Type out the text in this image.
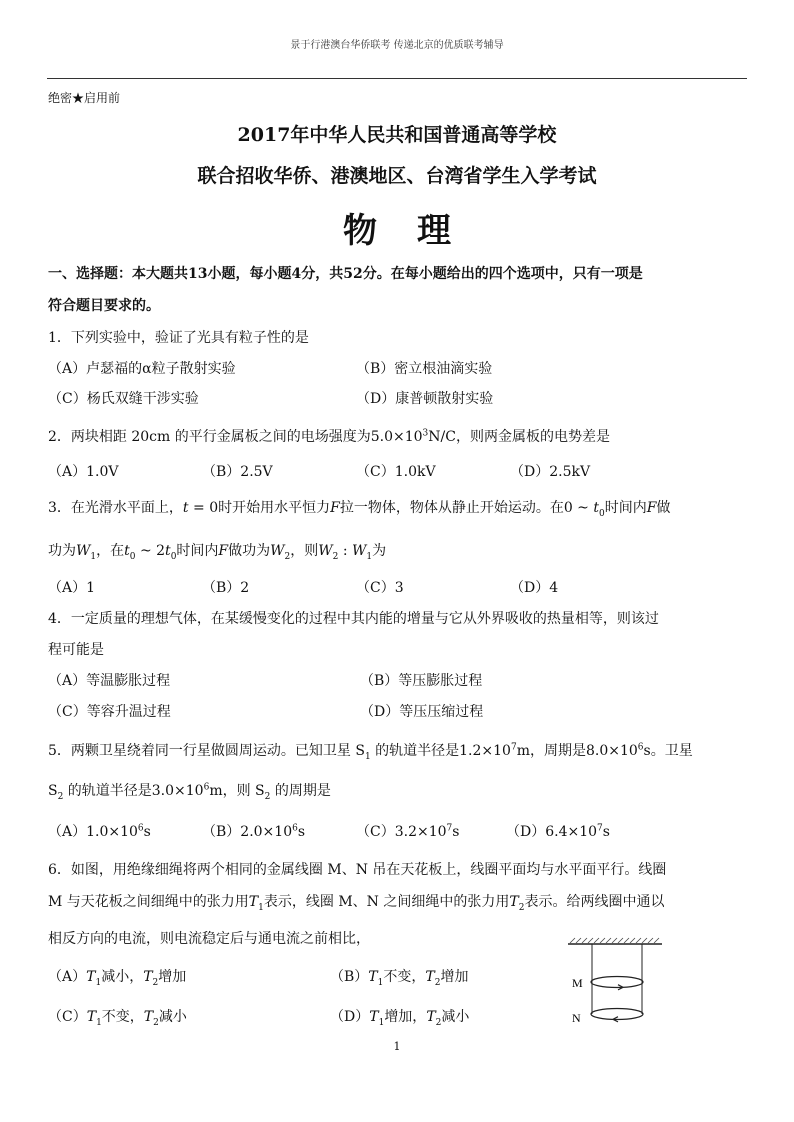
景于行港澳台华侨联考 传递北京的优质联考辅导
绝密★启用前
2017年中华人民共和国普通高等学校
联合招收华侨、港澳地区、台湾省学生入学考试
物理
一、选择题：本大题共13小题，每小题4分，共52分。在每小题给出的四个选项中，只有一项是
符合题目要求的。
1．下列实验中，验证了光具有粒子性的是
（A）卢瑟福的α粒子散射实验	（B）密立根油滴实验
（C）杨氏双缝干涉实验	（D）康普顿散射实验
2．两块相距 20cm 的平行金属板之间的电场强度为$5.0\times 10^3N/C$，则两金属板的电势差是
（A）1.0V	（B）2.5V	（C）1.0kV	（D）2.5kV
3．在光滑水平面上，t = 0时开始用水平恒力F拉一物体，物体从静止开始运动。在0 ~ $t_0$时间内F做
功为$W_1$，在$t_0$ ~ $2t_0$时间内F做功为$W_2$，则$W_2$ : $W_1$为
（A）1	（B）2	（C）3	（D）4
4．一定质量的理想气体，在某缓慢变化的过程中其内能的增量与它从外界吸收的热量相等，则该过
程可能是
（A）等温膨胀过程	（B）等压膨胀过程
（C）等容升温过程	（D）等压压缩过程
5．两颗卫星绕着同一行星做圆周运动。已知卫星 $S_1$ 的轨道半径是$1.2\times 10^7m$，周期是$8.0\times 10^6s$。卫星
$S_2$ 的轨道半径是$3.0\times 10^6m$，则 $S_2$ 的周期是
$(A)1.0\times 10^6s$	$(B)2.0\times 10^6s$	$(C)3.2\times 10^7s$	$(D)6.4\times 10^7s$
6．如图，用绝缘细绳将两个相同的金属线圈 M、N 吊在天花板上，线圈平面均与水平面平行。线圈
M 与天花板之间细绳中的张力用$T_1$表示，线圈 M、N 之间细绳中的张力用$T_2$表示。给两线圈中通以
相反方向的电流，则电流稳定后与通电流之前相比，
$(A)T_1$减小，$T_2$增加	$(B)T_1$不变，$T_2$增加
$(C)T_1$不变，$T_2$减小	$(D)T_1$增加，$T_2$减小
M
N
1
